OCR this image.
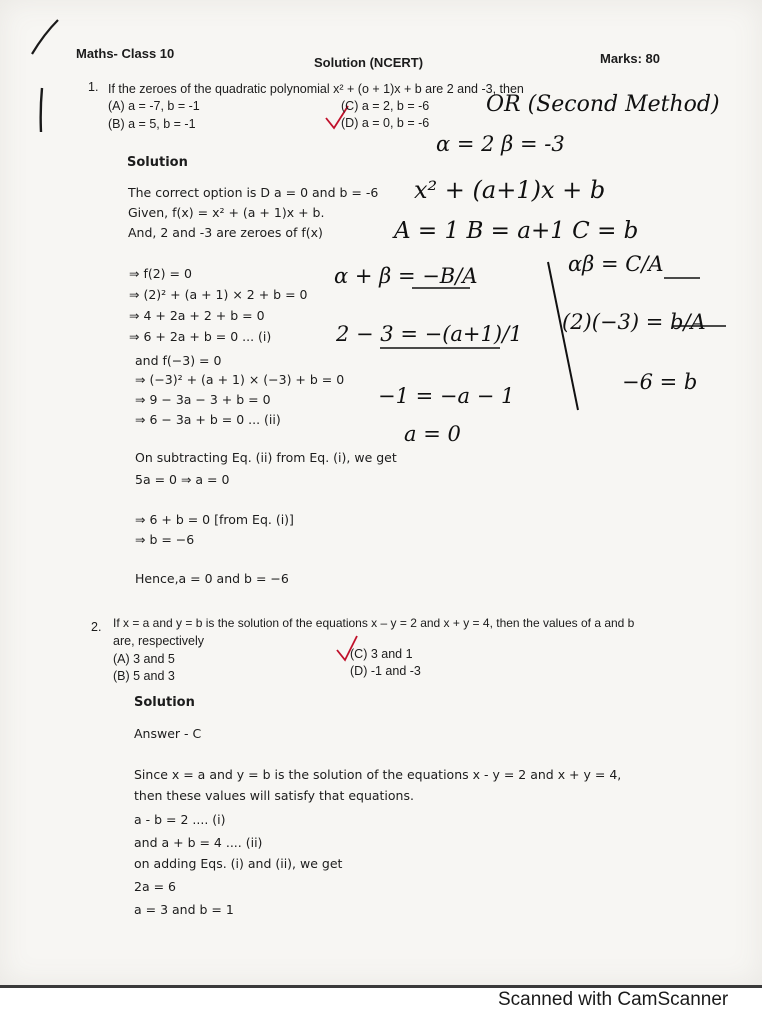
Maths- Class 10
Solution (NCERT)	Marks: 80
1. If the zeroes of the quadratic polynomial x² + (o + 1)x + b are 2 and -3, then
(A) a = -7, b = -1
(B) a = 5, b = -1
(C) a = 2, b = -6
(D) a = 0, b = -6
Solution
The correct option is D a = 0 and b = -6
Given, f(x) = x² + (a + 1)x + b.
And, 2 and -3 are zeroes of f(x)
⇒ f(2) = 0
⇒ (2)² + (a + 1) × 2 + b = 0
⇒ 4 + 2a + 2 + b = 0
⇒ 6 + 2a + b = 0 ... (i)
and f(−3) = 0
⇒ (−3)² + (a + 1) × (−3) + b = 0
⇒ 9 − 3a − 3 + b = 0
⇒ 6 − 3a + b = 0 ... (ii)
On subtracting Eq. (ii) from Eq. (i), we get
5a = 0 ⇒ a = 0
⇒ 6 + b = 0 [from Eq. (i)]
⇒ b = −6
Hence,a = 0 and b = −6
OR (Second Method)
α = 2 β = -3
x² + (a+1)x + b
A = 1 B = a+1 C = b
α + β = −B/A
2 − 3 = −(a+1)/1
−1 = −a − 1
a = 0
αβ = C/A
(2)(−3) = b/A
−6 = b
2. If x = a and y = b is the solution of the equations x – y = 2 and x + y = 4, then the values of a and b
are, respectively
(A) 3 and 5
(B) 5 and 3
(C) 3 and 1
(D) -1 and -3
Solution
Answer - C
Since x = a and y = b is the solution of the equations x - y = 2 and x + y = 4,
then these values will satisfy that equations.
a - b = 2 .... (i)
and a + b = 4 .... (ii)
on adding Eqs. (i) and (ii), we get
2a = 6
a = 3 and b = 1
Scanned with CamScanner
